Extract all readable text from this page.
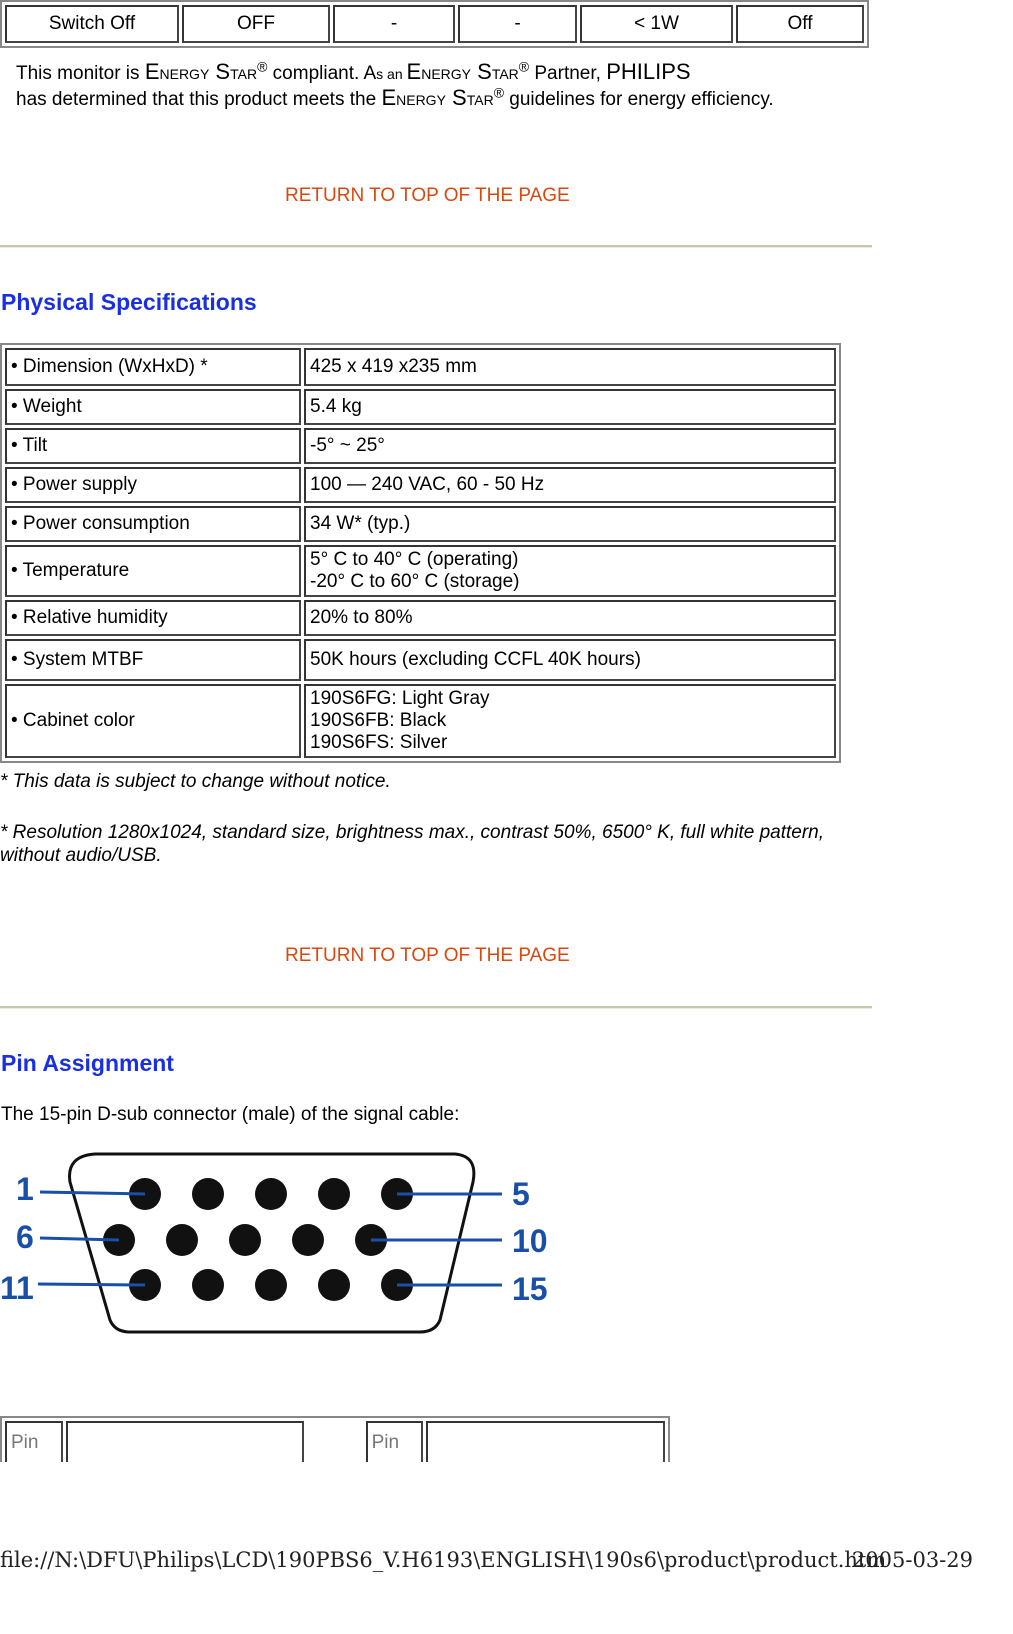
Switch Off	OFF	-	-	< 1W	Off
This monitor is ENERGY STAR® compliant. As an ENERGY STAR® Partner, PHILIPS
has determined that this product meets the ENERGY STAR® guidelines for energy efficiency.
RETURN TO TOP OF THE PAGE
Physical Specifications
• Dimension (WxHxD) *	425 x 419 x235 mm
• Weight	5.4 kg
• Tilt	-5° ~ 25°
• Power supply	100 — 240 VAC, 60 - 50 Hz
• Power consumption	34 W* (typ.)
• Temperature	5° C to 40° C (operating)
-20° C to 60° C (storage)
• Relative humidity	20% to 80%
• System MTBF	50K hours (excluding CCFL 40K hours)
• Cabinet color	190S6FG: Light Gray
190S6FB: Black
190S6FS: Silver
* This data is subject to change without notice.
* Resolution 1280x1024, standard size, brightness max., contrast 50%, 6500° K, full white pattern, without audio/USB.
RETURN TO TOP OF THE PAGE
Pin Assignment
The 15-pin D-sub connector (male) of the signal cable:
1
6
11
5
10
15
Pin			Pin	
file://N:\DFU\Philips\LCD\190PBS6_V.H6193\ENGLISH\190s6\product\product.htm
2005-03-29
